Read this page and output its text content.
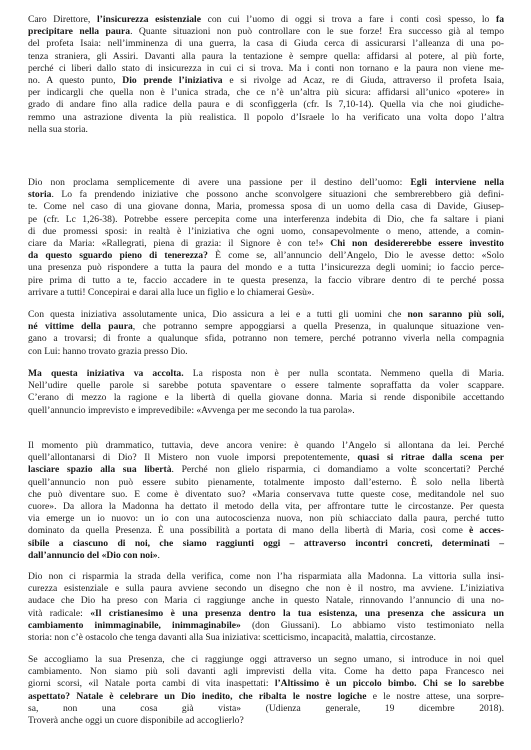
Caro Direttore, l’insicurezza esistenziale con cui l’uomo di oggi si trova a fare i conti così spesso, lo fa
precipitare nella paura. Quante situazioni non può controllare con le sue forze! Era successo già al tempo
del profeta Isaia: nell’imminenza di una guerra, la casa di Giuda cerca di assicurarsi l’alleanza di una po-
tenza straniera, gli Assiri. Davanti alla paura la tentazione è sempre quella: affidarsi al potere, al più forte,
perché ci liberi dallo stato di insicurezza in cui ci si trova. Ma i conti non tornano e la paura non viene me-
no. A questo punto, Dio prende l’iniziativa e si rivolge ad Acaz, re di Giuda, attraverso il profeta Isaia,
per indicargli che quella non è l’unica strada, che ce n’è un’altra più sicura: affidarsi all’unico «potere» in
grado di andare fino alla radice della paura e di sconfiggerla (cfr. Is 7,10-14). Quella via che noi giudiche-
remmo una astrazione diventa la più realistica. Il popolo d’Israele lo ha verificato una volta dopo l’altra
nella sua storia.
Dio non proclama semplicemente di avere una passione per il destino dell’uomo: Egli interviene nella
storia. Lo fa prendendo iniziative che possono anche sconvolgere situazioni che sembrerebbero già defini-
te. Come nel caso di una giovane donna, Maria, promessa sposa di un uomo della casa di Davide, Giusep-
pe (cfr. Lc 1,26-38). Potrebbe essere percepita come una interferenza indebita di Dio, che fa saltare i piani
di due promessi sposi: in realtà è l’iniziativa che ogni uomo, consapevolmente o meno, attende, a comin-
ciare da Maria: «Rallegrati, piena di grazia: il Signore è con te!» Chi non desidererebbe essere investito
da questo sguardo pieno di tenerezza? È come se, all’annuncio dell’Angelo, Dio le avesse detto: «Solo
una presenza può rispondere a tutta la paura del mondo e a tutta l’insicurezza degli uomini; io faccio perce-
pire prima di tutto a te, faccio accadere in te questa presenza, la faccio vibrare dentro di te perché possa
arrivare a tutti! Concepirai e darai alla luce un figlio e lo chiamerai Gesù».
Con questa iniziativa assolutamente unica, Dio assicura a lei e a tutti gli uomini che non saranno più soli,
né vittime della paura, che potranno sempre appoggiarsi a quella Presenza, in qualunque situazione ven-
gano a trovarsi; di fronte a qualunque sfida, potranno non temere, perché potranno viverla nella compagnia
con Lui: hanno trovato grazia presso Dio.
Ma questa iniziativa va accolta. La risposta non è per nulla scontata. Nemmeno quella di Maria.
Nell’udire quelle parole si sarebbe potuta spaventare o essere talmente sopraffatta da voler scappare.
C’erano di mezzo la ragione e la libertà di quella giovane donna. Maria si rende disponibile accettando
quell’annuncio imprevisto e imprevedibile: «Avvenga per me secondo la tua parola».
Il momento più drammatico, tuttavia, deve ancora venire: è quando l’Angelo si allontana da lei. Perché
quell’allontanarsi di Dio? Il Mistero non vuole imporsi prepotentemente, quasi si ritrae dalla scena per
lasciare spazio alla sua libertà. Perché non glielo risparmia, ci domandiamo a volte sconcertati? Perché
quell’annuncio non può essere subito pienamente, totalmente imposto dall’esterno. È solo nella libertà
che può diventare suo. E come è diventato suo? «Maria conservava tutte queste cose, meditandole nel suo
cuore». Da allora la Madonna ha dettato il metodo della vita, per affrontare tutte le circostanze. Per questa
via emerge un io nuovo: un io con una autocoscienza nuova, non più schiacciato dalla paura, perché tutto
dominato da quella Presenza. È una possibilità a portata di mano della libertà di Maria, così come è acces-
sibile a ciascuno di noi, che siamo raggiunti oggi – attraverso incontri concreti, determinati –
dall’annuncio del «Dio con noi».
Dio non ci risparmia la strada della verifica, come non l’ha risparmiata alla Madonna. La vittoria sulla insi-
curezza esistenziale e sulla paura avviene secondo un disegno che non è il nostro, ma avviene. L’iniziativa
audace che Dio ha preso con Maria ci raggiunge anche in questo Natale, rinnovando l’annuncio di una no-
vità radicale: «Il cristianesimo è una presenza dentro la tua esistenza, una presenza che assicura un
cambiamento inimmaginabile, inimmaginabile» (don Giussani). Lo abbiamo visto testimoniato nella
storia: non c’è ostacolo che tenga davanti alla Sua iniziativa: scetticismo, incapacità, malattia, circostanze.
Se accogliamo la sua Presenza, che ci raggiunge oggi attraverso un segno umano, si introduce in noi quel
cambiamento. Non siamo più soli davanti agli imprevisti della vita. Come ha detto papa Francesco nei
giorni scorsi, «il Natale porta cambi di vita inaspettati: l’Altissimo è un piccolo bimbo. Chi se lo sarebbe
aspettato? Natale è celebrare un Dio inedito, che ribalta le nostre logiche e le nostre attese, una sorpre-
sa, non una cosa già vista» (Udienza generale, 19 dicembre 2018).
Troverà anche oggi un cuore disponibile ad accoglierlo?
